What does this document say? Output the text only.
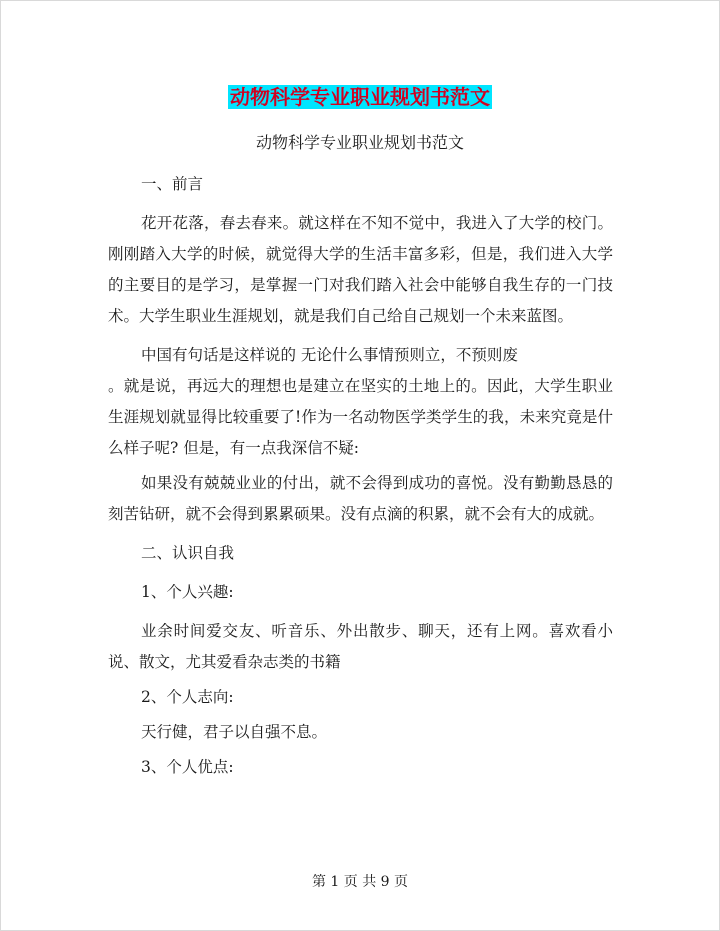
动物科学专业职业规划书范文
动物科学专业职业规划书范文

一、前言

花开花落，春去春来。就这样在不知不觉中，我进入了大学的校门。刚刚踏入大学的时候，就觉得大学的生活丰富多彩，但是，我们进入大学的主要目的是学习，是掌握一门对我们踏入社会中能够自我生存的一门技术。大学生职业生涯规划，就是我们自己给自己规划一个未来蓝图。

中国有句话是这样说的 无论什么事情预则立，不预则废

。就是说，再远大的理想也是建立在坚实的土地上的。因此，大学生职业生涯规划就显得比较重要了!作为一名动物医学类学生的我，未来究竟是什么样子呢? 但是，有一点我深信不疑:

如果没有兢兢业业的付出，就不会得到成功的喜悦。没有勤勤恳恳的刻苦钻研，就不会得到累累硕果。没有点滴的积累，就不会有大的成就。

二、认识自我

1、个人兴趣:

业余时间爱交友、听音乐、外出散步、聊天，还有上网。喜欢看小说、散文，尤其爱看杂志类的书籍

2、个人志向:

天行健，君子以自强不息。

3、个人优点:

第 1 页 共 9 页
